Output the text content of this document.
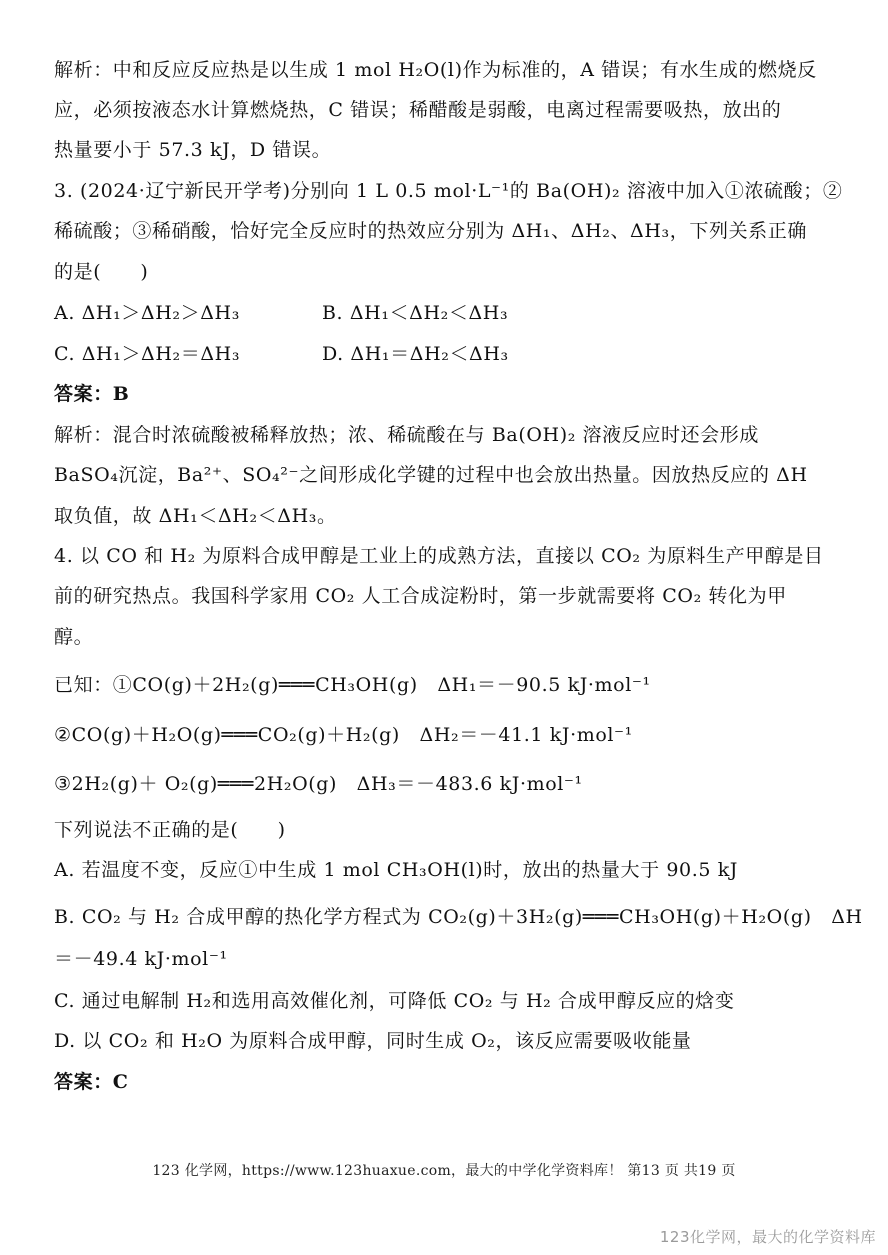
解析：中和反应反应热是以生成 1 mol H₂O(l)作为标准的，A 错误；有水生成的燃烧反
应，必须按液态水计算燃烧热，C 错误；稀醋酸是弱酸，电离过程需要吸热，放出的
热量要小于 57.3 kJ，D 错误。
3. (2024·辽宁新民开学考)分别向 1 L 0.5 mol·L⁻¹的 Ba(OH)₂ 溶液中加入①浓硫酸；②
稀硫酸；③稀硝酸，恰好完全反应时的热效应分别为 ΔH₁、ΔH₂、ΔH₃，下列关系正确
的是(　　)
A. ΔH₁＞ΔH₂＞ΔH₃	B. ΔH₁＜ΔH₂＜ΔH₃
C. ΔH₁＞ΔH₂＝ΔH₃	D. ΔH₁＝ΔH₂＜ΔH₃
答案：B
解析：混合时浓硫酸被稀释放热；浓、稀硫酸在与 Ba(OH)₂ 溶液反应时还会形成
BaSO₄沉淀，Ba²⁺、SO₄²⁻之间形成化学键的过程中也会放出热量。因放热反应的 ΔH
取负值，故 ΔH₁＜ΔH₂＜ΔH₃。
4. 以 CO 和 H₂ 为原料合成甲醇是工业上的成熟方法，直接以 CO₂ 为原料生产甲醇是目
前的研究热点。我国科学家用 CO₂ 人工合成淀粉时，第一步就需要将 CO₂ 转化为甲
醇。
已知：①CO(g)＋2H₂(g)═══CH₃OH(g)　ΔH₁＝－90.5 kJ·mol⁻¹
②CO(g)＋H₂O(g)═══CO₂(g)＋H₂(g)　ΔH₂＝－41.1 kJ·mol⁻¹
③2H₂(g)＋ O₂(g)═══2H₂O(g)　ΔH₃＝－483.6 kJ·mol⁻¹
下列说法不正确的是(　　)
A. 若温度不变，反应①中生成 1 mol CH₃OH(l)时，放出的热量大于 90.5 kJ
B. CO₂ 与 H₂ 合成甲醇的热化学方程式为 CO₂(g)＋3H₂(g)═══CH₃OH(g)＋H₂O(g)　ΔH
＝－49.4 kJ·mol⁻¹
C. 通过电解制 H₂和选用高效催化剂，可降低 CO₂ 与 H₂ 合成甲醇反应的焓变
D. 以 CO₂ 和 H₂O 为原料合成甲醇，同时生成 O₂，该反应需要吸收能量
答案：C
123 化学网，https://www.123huaxue.com，最大的中学化学资料库！ 第13 页 共19 页
123化学网，最大的化学资料库
